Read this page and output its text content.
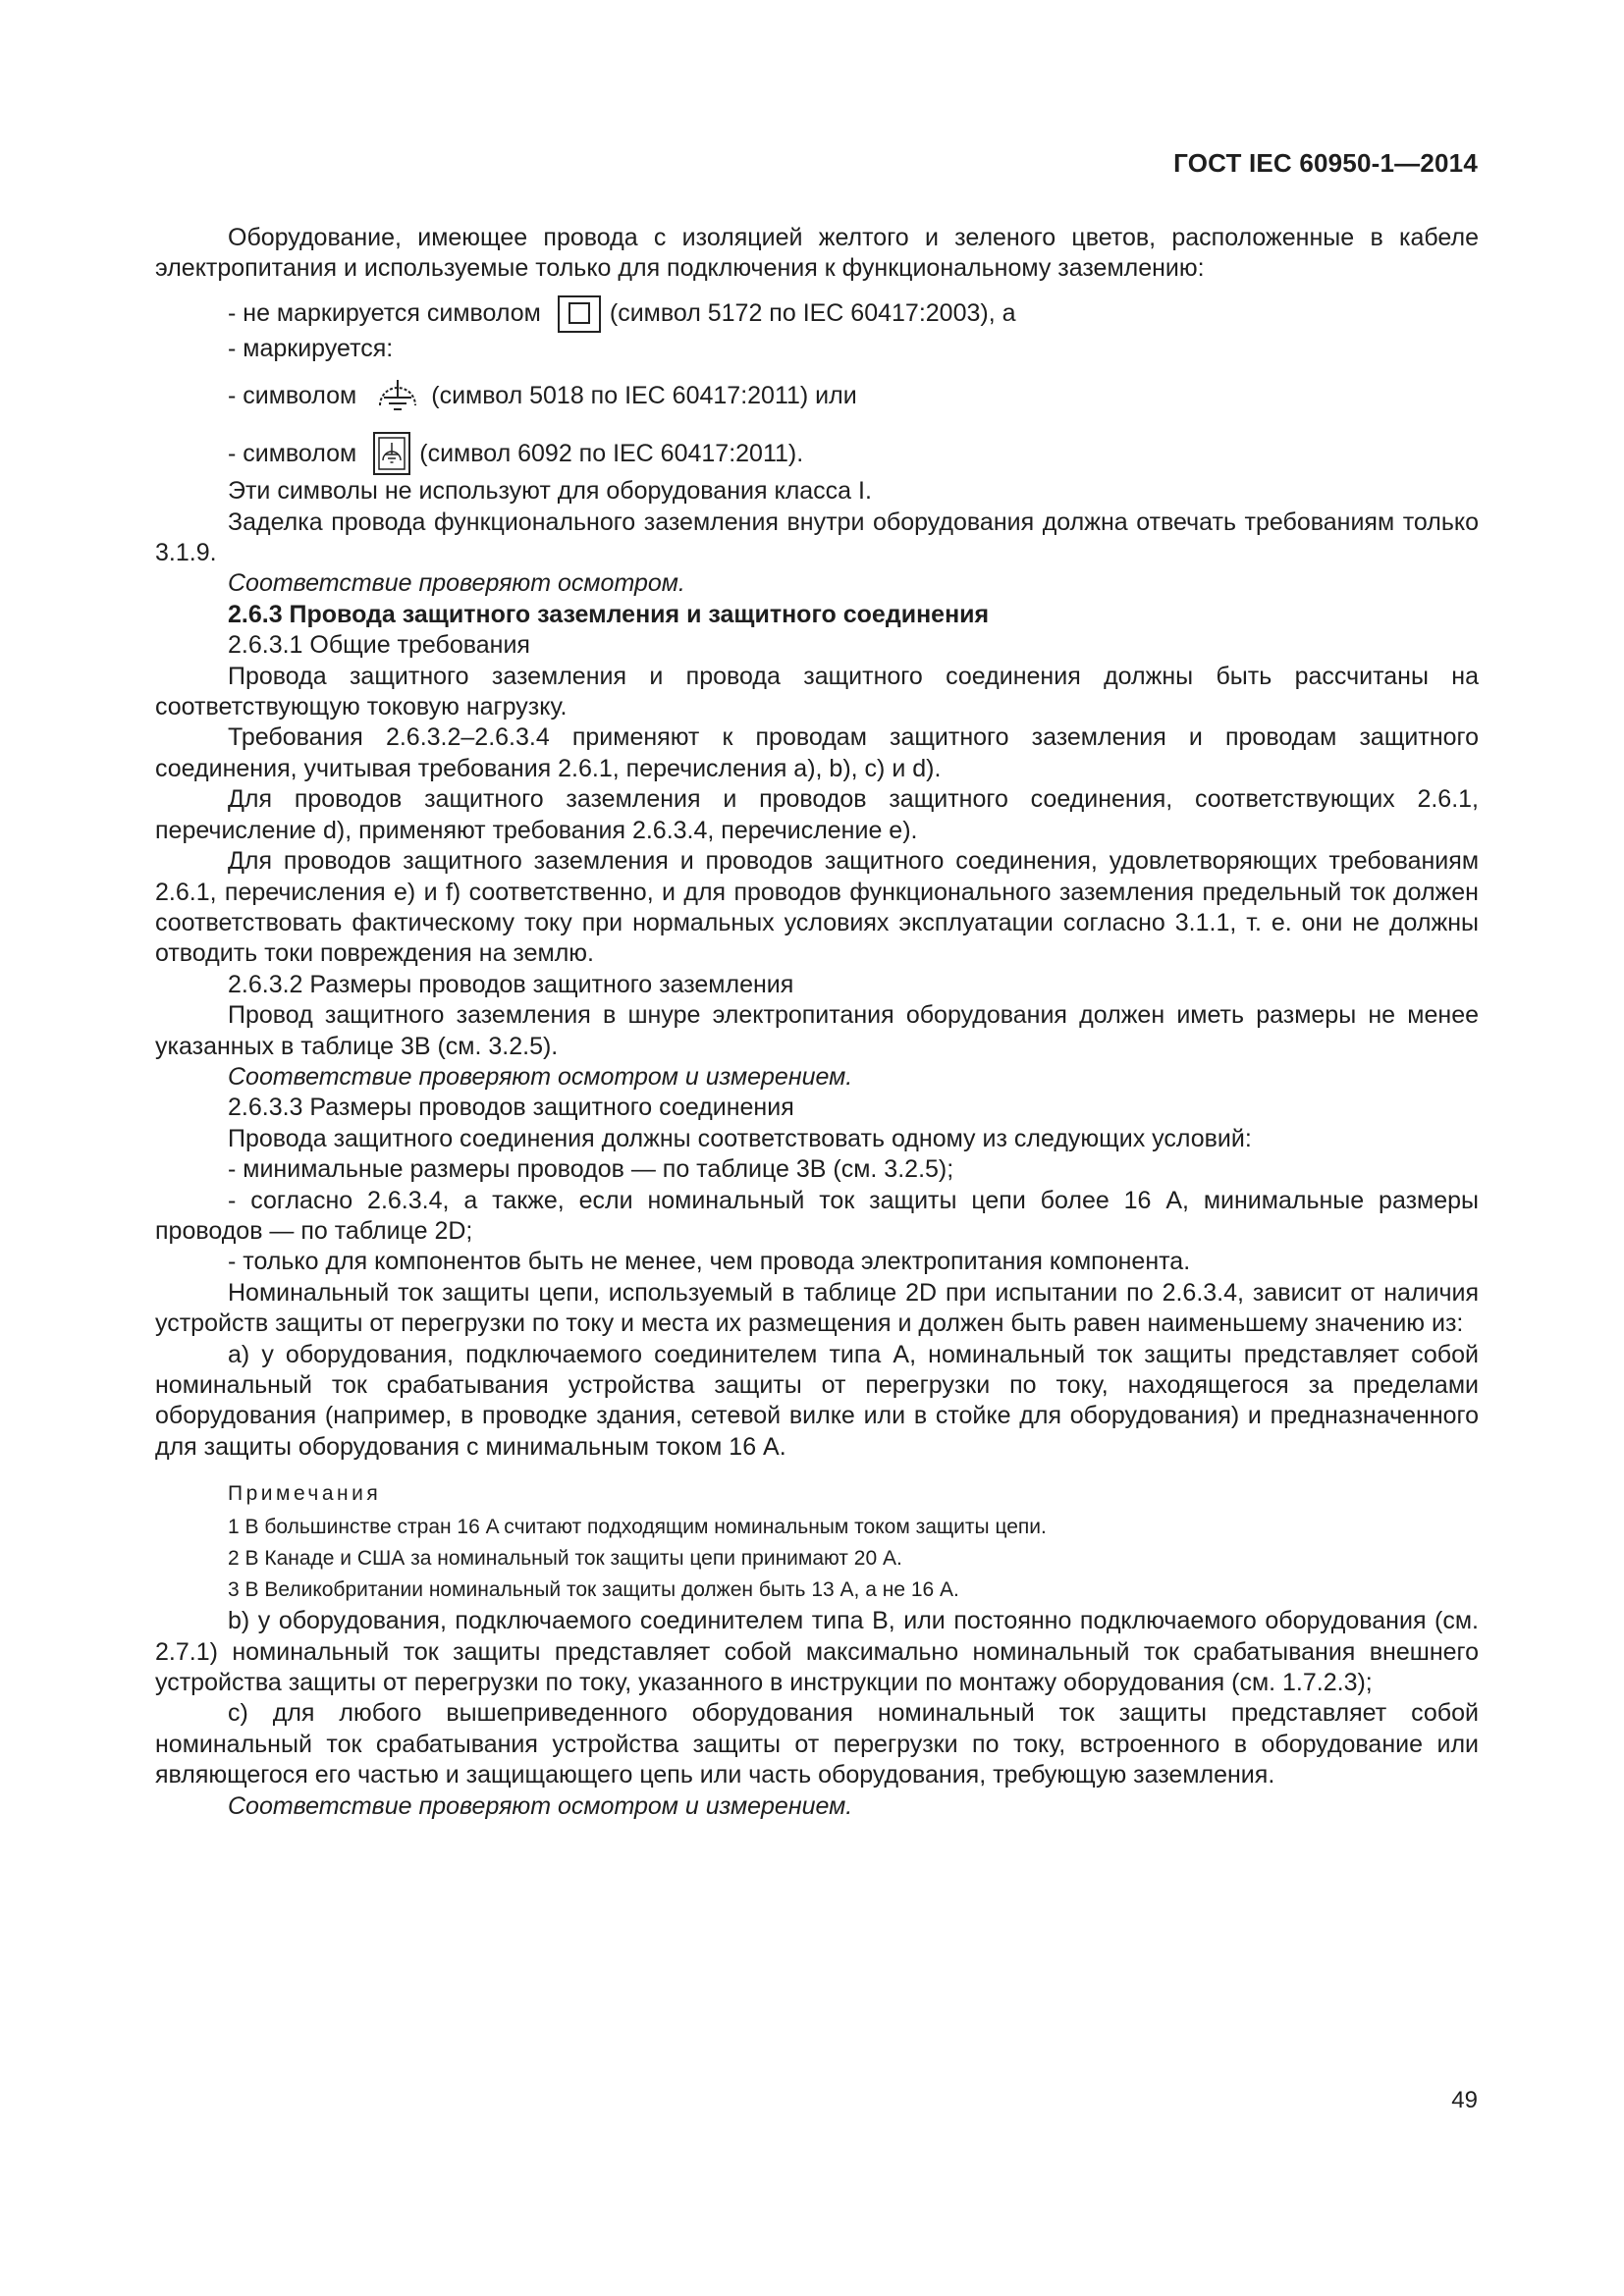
ГОСТ IEC 60950-1—2014

Оборудование, имеющее провода с изоляцией желтого и зеленого цветов, расположенные в кабеле электропитания и используемые только для подключения к функциональному заземлению:

- не маркируется символом	(символ 5172 по IEC 60417:2003), а
- маркируется:
- символом	(символ 5018 по IEC 60417:2011) или
- символом	(символ 6092 по IEC 60417:2011).

Эти символы не используют для оборудования класса I.

Заделка провода функционального заземления внутри оборудования должна отвечать требованиям только 3.1.9.

Соответствие проверяют осмотром.

2.6.3 Провода защитного заземления и защитного соединения

2.6.3.1 Общие требования

Провода защитного заземления и провода защитного соединения должны быть рассчитаны на соответствующую токовую нагрузку.

Требования 2.6.3.2–2.6.3.4 применяют к проводам защитного заземления и проводам защитного соединения, учитывая требования 2.6.1, перечисления a), b), c) и d).

Для проводов защитного заземления и проводов защитного соединения, соответствующих 2.6.1, перечисление d), применяют требования 2.6.3.4, перечисление e).

Для проводов защитного заземления и проводов защитного соединения, удовлетворяющих требованиям 2.6.1, перечисления e) и f) соответственно, и для проводов функционального заземления предельный ток должен соответствовать фактическому току при нормальных условиях эксплуатации согласно 3.1.1, т. е. они не должны отводить токи повреждения на землю.

2.6.3.2 Размеры проводов защитного заземления

Провод защитного заземления в шнуре электропитания оборудования должен иметь размеры не менее указанных в таблице 3B (см. 3.2.5).

Соответствие проверяют осмотром и измерением.

2.6.3.3 Размеры проводов защитного соединения

Провода защитного соединения должны соответствовать одному из следующих условий:

- минимальные размеры проводов — по таблице 3B (см. 3.2.5);

- согласно 2.6.3.4, а также, если номинальный ток защиты цепи более 16 A, минимальные размеры проводов — по таблице 2D;

- только для компонентов быть не менее, чем провода электропитания компонента.

Номинальный ток защиты цепи, используемый в таблице 2D при испытании по 2.6.3.4, зависит от наличия устройств защиты от перегрузки по току и места их размещения и должен быть равен наименьшему значению из:

a) у оборудования, подключаемого соединителем типа A, номинальный ток защиты представляет собой номинальный ток срабатывания устройства защиты от перегрузки по току, находящегося за пределами оборудования (например, в проводке здания, сетевой вилке или в стойке для оборудования) и предназначенного для защиты оборудования с минимальным током 16 A.

Примечания

1 В большинстве стран 16 A считают подходящим номинальным током защиты цепи.

2 В Канаде и США за номинальный ток защиты цепи принимают 20 A.

3 В Великобритании номинальный ток защиты должен быть 13 A, а не 16 A.

b) у оборудования, подключаемого соединителем типа B, или постоянно подключаемого оборудования (см. 2.7.1) номинальный ток защиты представляет собой максимально номинальный ток срабатывания внешнего устройства защиты от перегрузки по току, указанного в инструкции по монтажу оборудования (см. 1.7.2.3);

c) для любого вышеприведенного оборудования номинальный ток защиты представляет собой номинальный ток срабатывания устройства защиты от перегрузки по току, встроенного в оборудование или являющегося его частью и защищающего цепь или часть оборудования, требующую заземления.

Соответствие проверяют осмотром и измерением.

49
